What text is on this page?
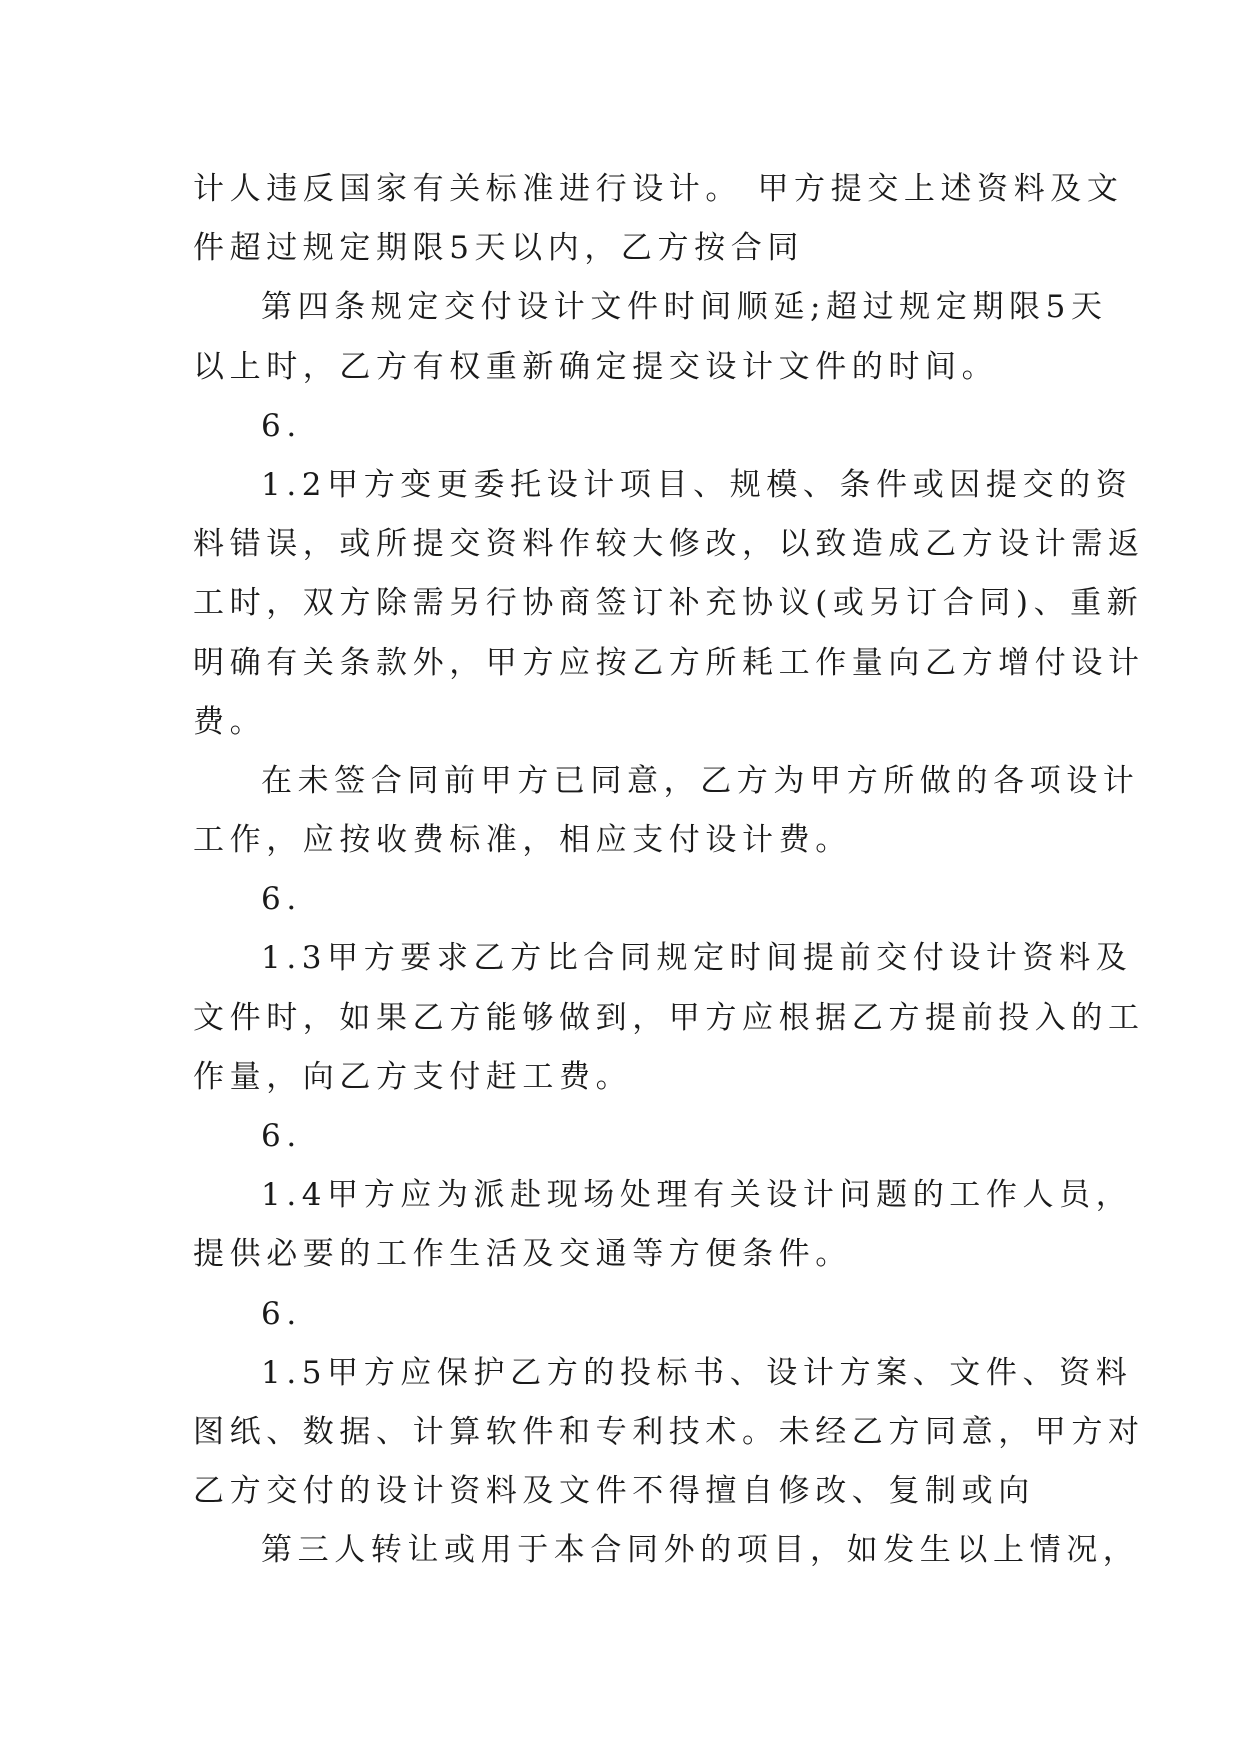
计人违反国家有关标准进行设计。 甲方提交上述资料及文
件超过规定期限5天以内，乙方按合同
第四条规定交付设计文件时间顺延;超过规定期限5天
以上时，乙方有权重新确定提交设计文件的时间。
6.
1.2甲方变更委托设计项目、规模、条件或因提交的资
料错误，或所提交资料作较大修改，以致造成乙方设计需返
工时，双方除需另行协商签订补充协议(或另订合同)、重新
明确有关条款外，甲方应按乙方所耗工作量向乙方增付设计
费。
在未签合同前甲方已同意，乙方为甲方所做的各项设计
工作，应按收费标准，相应支付设计费。
6.
1.3甲方要求乙方比合同规定时间提前交付设计资料及
文件时，如果乙方能够做到，甲方应根据乙方提前投入的工
作量，向乙方支付赶工费。
6.
1.4甲方应为派赴现场处理有关设计问题的工作人员，
提供必要的工作生活及交通等方便条件。
6.
1.5甲方应保护乙方的投标书、设计方案、文件、资料
图纸、数据、计算软件和专利技术。未经乙方同意，甲方对
乙方交付的设计资料及文件不得擅自修改、复制或向
第三人转让或用于本合同外的项目，如发生以上情况，
